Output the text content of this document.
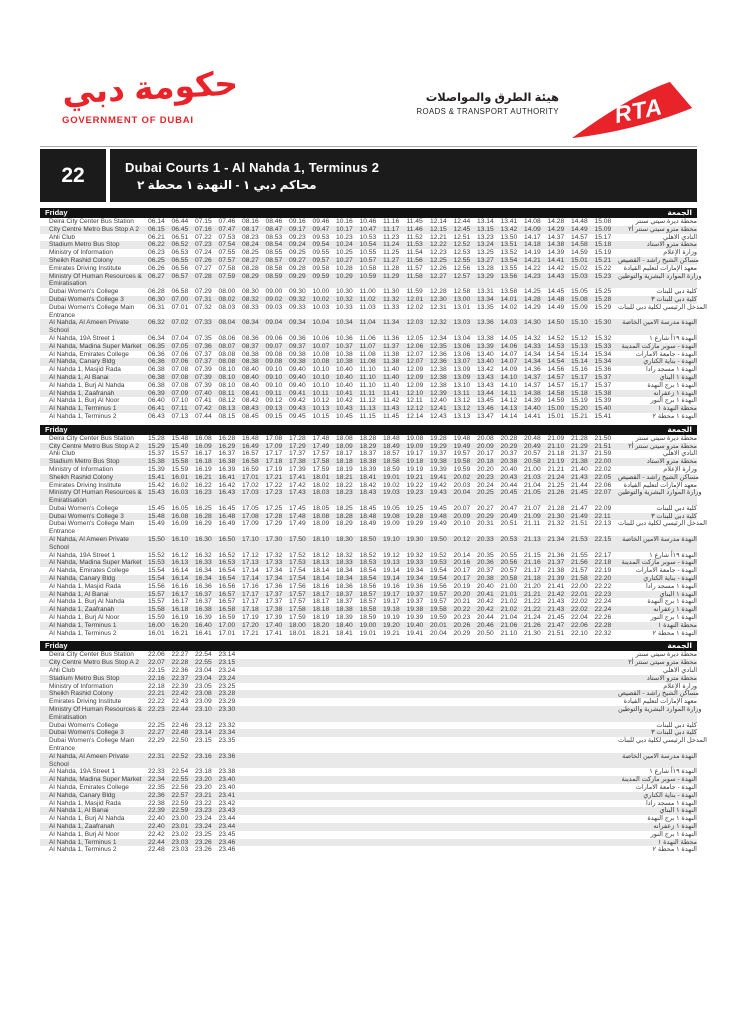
حكومة دبي
GOVERNMENT OF DUBAI
هيئة الطرق والمواصلات
ROADS & TRANSPORT AUTHORITY RTA
22	Dubai Courts 1 - Al Nahda 1, Terminus 2
محاكم دبي ١ - النهدة ١ محطة ٢
Friday	الجمعة
Deira City Center Bus Station	06.14	06.44	07.15	07.46	08.16	08.46	09.16	09.46	10.16	10.46	11.16	11.45	12.14	12.44	13.14	13.41	14.08	14.28	14.48	15.08	محطة ديرة سيتي سنتر
City Centre Metro Bus Stop A 2	06.15	06.45	07.16	07.47	08.17	08.47	09.17	09.47	10.17	10.47	11.17	11.46	12.15	12.45	13.15	13.42	14.09	14.29	14.49	15.09	محطة مترو سيتي سنتر أ٢
Ahli Club	06.21	06.51	07.22	07.53	08.23	08.53	09.23	09.53	10.23	10.53	11.23	11.52	12.21	12.51	13.23	13.50	14.17	14.37	14.57	15.17	النادي الاهلي
Stadium Metro Bus Stop	06.22	06.52	07.23	07.54	08.24	08.54	09.24	09.54	10.24	10.54	11.24	11.53	12.22	12.52	13.24	13.51	14.18	14.38	14.58	15.18	محطة مترو الاستاد
Ministry of Information	06.23	06.53	07.24	07.55	08.25	08.55	09.25	09.55	10.25	10.55	11.25	11.54	12.23	12.53	13.25	13.52	14.19	14.39	14.59	15.19	وزارة الإعلام
Sheikh Rashid Colony	06.25	06.55	07.26	07.57	08.27	08.57	09.27	09.57	10.27	10.57	11.27	11.56	12.25	12.55	13.27	13.54	14.21	14.41	15.01	15.21	مساكن الشيخ راشد - القصيص
Emirates Driving Institute	06.26	06.56	07.27	07.58	08.28	08.58	09.28	09.58	10.28	10.58	11.28	11.57	12.26	12.56	13.28	13.55	14.22	14.42	15.02	15.22	معهد الإمارات لتعليم القيادة
Ministry Of Human Resources & Emiratisation
06.27	06.57	07.28	07.59	08.29	08.59	09.29	09.59	10.29	10.59	11.29	11.58	12.27	12.57	13.29	13.56	14.23	14.43	15.03	15.23	وزارة الموارد البشرية والتوطين
Dubai Women's College	06.28	06.58	07.29	08.00	08.30	09.00	09.30	10.00	10.30	11.00	11.30	11.59	12.28	12.58	13.31	13.58	14.25	14.45	15.05	15.25	كلية دبي للبنات
Dubai Women's College 3	06.30	07.00	07.31	08.02	08.32	09.02	09.32	10.02	10.32	11.02	11.32	12.01	12.30	13.00	13.34	14.01	14.28	14.48	15.08	15.28	كلية دبي للبنات ٣
Dubai Women's College Main Entrance
06.31	07.01	07.32	08.03	08.33	09.03	09.33	10.03	10.33	11.03	11.33	12.02	12.31	13.01	13.35	14.02	14.29	14.49	15.09	15.29	المدخل الرئيسي لكلية دبي للبنات
Al Nahda, Al Ameen Private School
06.32	07.02	07.33	08.04	08.34	09.04	09.34	10.04	10.34	11.04	11.34	12.03	12.32	13.03	13.36	14.03	14.30	14.50	15.10	15.30	النهدة مدرسة الامين الخاصة
Al Nahda, 19A Street 1	06.34	07.04	07.35	08.06	08.36	09.06	09.36	10.06	10.36	11.06	11.36	12.05	12.34	13.04	13.38	14.05	14.32	14.52	15.12	15.32	النهدة ١٩أ شارع ١
Al Nahda, Madina Super Market 06.35	07.05	07.36	08.07	08.37	09.07	09.37	10.07	10.37	11.07	11.37	12.06	12.35	13.06	13.39	14.06	14.33	14.53	15.13	15.33	النهدة - سوبر ماركت المدينة
Al Nahda, Emirates College	06.36	07.06	07.37	08.08	08.38	09.08	09.38	10.08	10.38	11.08	11.38	12.07	12.36	13.06	13.40	14.07	14.34	14.54	15.14	15.34	النهدة - جامعة الامارات
Al Nahda, Canary Bldg	06.36	07.06	07.37	08.08	08.38	09.08	09.38	10.08	10.38	11.08	11.38	12.07	12.36	13.07	13.40	14.07	14.34	14.54	15.14	15.34	النهدة - بناية الكناري
Al Nahda 1, Masjid Rada	06.38	07.08	07.39	08.10	08.40	09.10	09.40	10.10	10.40	11.10	11.40	12.09	12.38	13.09	13.42	14.09	14.36	14.56	15.16	15.36	النهدة ١ مسجد رادا
Al Nahda 1, Al Banai	06.38	07.08	07.39	08.10	08.40	09.10	09.40	10.10	10.40	11.10	11.40	12.09	12.38	13.09	13.43	14.10	14.37	14.57	15.17	15.37	النهدة ١ البناي
Al Nahda 1, Burj Al Nahda	06.38	07.08	07.39	08.10	08.40	09.10	09.40	10.10	10.40	11.10	11.40	12.09	12.38	13.10	13.43	14.10	14.37	14.57	15.17	15.37	النهدة ١ برج النهدة
Al Nahda 1, Zaafranah	06.39	07.09	07.40	08.11	08.41	09.11	09.41	10.11	10.41	11.11	11.41	12.10	12.39	13.11	13.44	14.11	14.38	14.58	15.18	15.38	النهدة ١ زعفرانه
Al Nahda 1, Burj Al Noor	06.40	07.10	07.41	08.12	08.42	09.12	09.42	10.12	10.42	11.12	11.42	12.11	12.40	13.12	13.45	14.12	14.39	14.59	15.19	15.39	النهدة ١ برج النور
Al Nahda 1, Terminus 1	06.41	07.11	07.42	08.13	08.43	09.13	09.43	10.13	10.43	11.13	11.43	12.12	12.41	13.12	13.46	14.13	14.40	15.00	15.20	15.40	محطة النهدة ١
Al Nahda 1, Terminus 2	06.43	07.13	07.44	08.15	08.45	09.15	09.45	10.15	10.45	11.15	11.45	12.14	12.43	13.13	13.47	14.14	14.41	15.01	15.21	15.41	النهدة ١ محطة ٢
Friday	الجمعة
Deira City Center Bus Station	15.28	15.48	16.08	16.28	16.48	17.08	17.28	17.48	18.08	18.28	18.48	19.08	19.28	19.48	20.08	20.28	20.48	21.09	21.28	21.50	محطة ديرة سيتي سنتر
City Centre Metro Bus Stop A 2	15.29	15.49	16.09	16.29	16.49	17.09	17.29	17.49	18.09	18.29	18.49	19.09	19.29	19.49	20.09	20.29	20.49	21.10	21.29	21.51	محطة مترو سيتي سنتر أ٢
Ahli Club	15.37	15.57	16.17	16.37	16.57	17.17	17.37	17.57	18.17	18.37	18.57	19.17	19.37	19.57	20.17	20.37	20.57	21.18	21.37	21.59	النادي الاهلي
Stadium Metro Bus Stop	15.38	15.58	16.18	16.38	16.58	17.18	17.38	17.58	18.18	18.38	18.58	19.18	19.38	19.58	20.18	20.38	20.58	21.19	21.38	22.00	محطة مترو الاستاد
Ministry of Information	15.39	15.59	16.19	16.39	16.59	17.19	17.39	17.59	18.19	18.39	18.59	19.19	19.39	19.59	20.20	20.40	21.00	21.21	21.40	22.02	وزارة الإعلام
Sheikh Rashid Colony	15.41	16.01	16.21	16.41	17.01	17.21	17.41	18.01	18.21	18.41	19.01	19.21	19.41	20.02	20.23	20.43	21.03	21.24	21.43	22.05	مساكن الشيخ راشد - القصيص
Emirates Driving Institute	15.42	16.02	16.22	16.42	17.02	17.22	17.42	18.02	18.22	18.42	19.02	19.22	19.42	20.03	20.24	20.44	21.04	21.25	21.44	22.06	معهد الإمارات لتعليم القيادة
Ministry Of Human Resources & Emiratisation
15.43	16.03	16.23	16.43	17.03	17.23	17.43	18.03	18.23	18.43	19.03	19.23	19.43	20.04	20.25	20.45	21.05	21.26	21.45	22.07	وزارة الموارد البشرية والتوطين
Dubai Women's College	15.45	16.05	16.25	16.45	17.05	17.25	17.45	18.05	18.25	18.45	19.05	19.25	19.45	20.07	20.27	20.47	21.07	21.28	21.47	22.09	كلية دبي للبنات
Dubai Women's College 3	15.48	16.08	16.28	16.48	17.08	17.28	17.48	18.08	18.28	18.48	19.08	19.28	19.48	20.09	20.29	20.49	21.09	21.30	21.49	22.11	كلية دبي للبنات ٣
Dubai Women's College Main Entrance
15.49	16.09	16.29	16.49	17.09	17.29	17.49	18.09	18.29	18.49	19.09	19.29	19.49	20.10	20.31	20.51	21.11	21.32	21.51	22.13	المدخل الرئيسي لكلية دبي للبنات
Al Nahda, Al Ameen Private School
15.50	16.10	16.30	16.50	17.10	17.30	17.50	18.10	18.30	18.50	19.10	19.30	19.50	20.12	20.33	20.53	21.13	21.34	21.53	22.15	النهدة مدرسة الامين الخاصة
Al Nahda, 19A Street 1	15.52	16.12	16.32	16.52	17.12	17.32	17.52	18.12	18.32	18.52	19.12	19.32	19.52	20.14	20.35	20.55	21.15	21.36	21.55	22.17	النهدة ١٩أ شارع ١
Al Nahda, Madina Super Market 15.53	16.13	16.33	16.53	17.13	17.33	17.53	18.13	18.33	18.53	19.13	19.33	19.53	20.16	20.36	20.56	21.16	21.37	21.56	22.18	النهدة - سوبر ماركت المدينة
Al Nahda, Emirates College	15.54	16.14	16.34	16.54	17.14	17.34	17.54	18.14	18.34	18.54	19.14	19.34	19.54	20.17	20.37	20.57	21.17	21.38	21.57	22.19	النهدة - جامعة الامارات
Al Nahda, Canary Bldg	15.54	16.14	16.34	16.54	17.14	17.34	17.54	18.14	18.34	18.54	19.14	19.34	19.54	20.17	20.38	20.58	21.18	21.39	21.58	22.20	النهدة - بناية الكناري
Al Nahda 1, Masjid Rada	15.56	16.16	16.36	16.56	17.16	17.36	17.56	18.16	18.36	18.56	19.16	19.36	19.56	20.19	20.40	21.00	21.20	21.41	22.00	22.22	النهدة ١ مسجد رادا
Al Nahda 1, Al Banai	15.57	16.17	16.37	16.57	17.17	17.37	17.57	18.17	18.37	18.57	19.17	19.37	19.57	20.20	20.41	21.01	21.21	21.42	22.01	22.23	النهدة ١ البناي
Al Nahda 1, Burj Al Nahda	15.57	16.17	16.37	16.57	17.17	17.37	17.57	18.17	18.37	18.57	19.17	19.37	19.57	20.21	20.42	21.02	21.22	21.43	22.02	22.24	النهدة ١ برج النهدة
Al Nahda 1, Zaafranah	15.58	16.18	16.38	16.58	17.18	17.38	17.58	18.18	18.38	18.58	19.18	19.38	19.58	20.22	20.42	21.02	21.22	21.43	22.02	22.24	النهدة ١ زعفرانه
Al Nahda 1, Burj Al Noor	15.59	16.19	16.39	16.59	17.19	17.39	17.59	18.19	18.39	18.59	19.19	19.39	19.59	20.23	20.44	21.04	21.24	21.45	22.04	22.26	النهدة ١ برج النور
Al Nahda 1, Terminus 1	16.00	16.20	16.40	17.00	17.20	17.40	18.00	18.20	18.40	19.00	19.20	19.40	20.01	20.26	20.46	21.06	21.26	21.47	22.06	22.28	محطة النهدة ١
Al Nahda 1, Terminus 2	16.01	16.21	16.41	17.01	17.21	17.41	18.01	18.21	18.41	19.01	19.21	19.41	20.04	20.29	20.50	21.10	21.30	21.51	22.10	22.32	النهدة ١ محطة ٢
Friday	الجمعة
Deira City Center Bus Station	22.06	22.27	22.54	23.14	محطة ديرة سيتي سنتر
City Centre Metro Bus Stop A 2	22.07	22.28	22.55	23.15	محطة مترو سيتي سنتر أ٢
Ahli Club	22.15	22.36	23.04	23.24	النادي الاهلي
Stadium Metro Bus Stop	22.16	22.37	23.04	23.24	محطة مترو الاستاد
Ministry of Information	22.18	22.39	23.05	23.25	وزارة الإعلام
Sheikh Rashid Colony	22.21	22.42	23.08	23.28	مساكن الشيخ راشد - القصيص
Emirates Driving Institute	22.22	22.43	23.09	23.29	معهد الإمارات لتعليم القيادة
Ministry Of Human Resources & Emiratisation
22.23	22.44	23.10	23.30	وزارة الموارد البشرية والتوطين
Dubai Women's College	22.25	22.46	23.12	23.32	كلية دبي للبنات
Dubai Women's College 3	22.27	22.48	23.14	23.34	كلية دبي للبنات ٣
Dubai Women's College Main Entrance
22.29	22.50	23.15	23.35	المدخل الرئيسي لكلية دبي للبنات
Al Nahda, Al Ameen Private School
22.31	22.52	23.16	23.36	النهدة مدرسة الامين الخاصة
Al Nahda, 19A Street 1	22.33	22.54	23.18	23.38	النهدة ١٩أ شارع ١
Al Nahda, Madina Super Market 22.34	22.55	23.20	23.40	النهدة - سوبر ماركت المدينة
Al Nahda, Emirates College	22.35	22.56	23.20	23.40	النهدة - جامعة الامارات
Al Nahda, Canary Bldg	22.36	22.57	23.21	23.41	النهدة - بناية الكناري
Al Nahda 1, Masjid Rada	22.38	22.59	23.22	23.42	النهدة ١ مسجد رادا
Al Nahda 1, Al Banai	22.39	22.59	23.23	23.43	النهدة ١ البناي
Al Nahda 1, Burj Al Nahda	22.40	23.00	23.24	23.44	النهدة ١ برج النهدة
Al Nahda 1, Zaafranah	22.40	23.01	23.24	23.44	النهدة ١ زعفرانه
Al Nahda 1, Burj Al Noor	22.42	23.02	23.25	23.45	النهدة ١ برج النور
Al Nahda 1, Terminus 1	22.44	23.03	23.26	23.46	محطة النهدة ١
Al Nahda 1, Terminus 2	22.48	23.03	23.26	23.46	النهدة ١ محطة ٢
